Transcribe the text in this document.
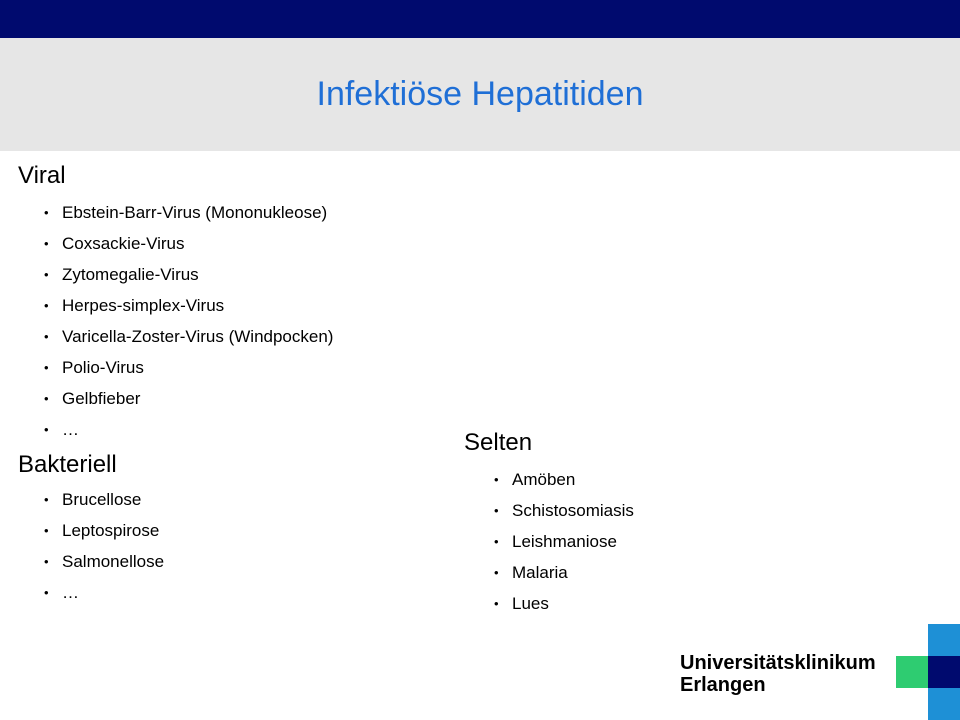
Infektiöse Hepatitiden
Viral
• Ebstein-Barr-Virus (Mononukleose)
• Coxsackie-Virus
• Zytomegalie-Virus
• Herpes-simplex-Virus
• Varicella-Zoster-Virus (Windpocken)
• Polio-Virus
• Gelbfieber
• …
Bakteriell
• Brucellose
• Leptospirose
• Salmonellose
• …
Selten
• Amöben
• Schistosomiasis
• Leishmaniose
• Malaria
• Lues
Universitätsklinikum
Erlangen
